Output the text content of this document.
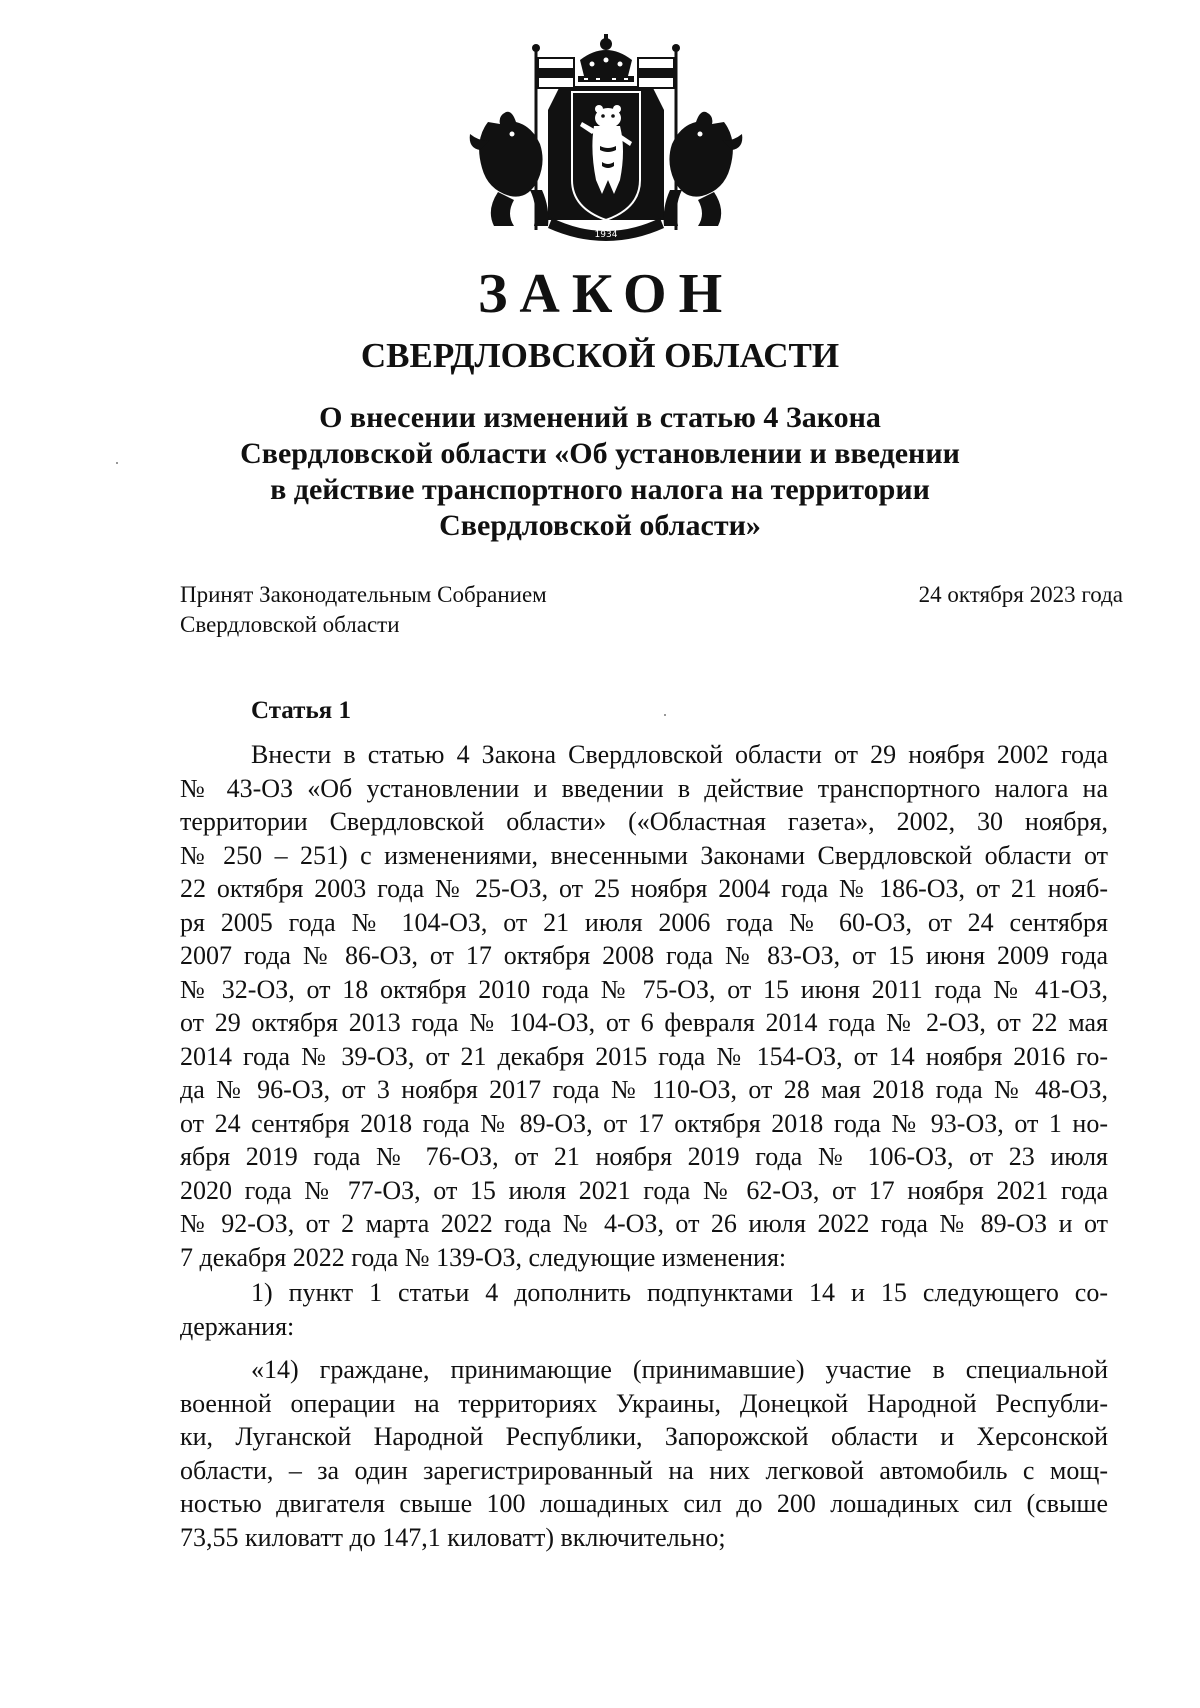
1934
ЗАКОН
СВЕРДЛОВСКОЙ ОБЛАСТИ
О внесении изменений в статью 4 Закона
Свердловской области «Об установлении и введении
в действие транспортного налога на территории
Свердловской области»
Принят Законодательным Собранием
Свердловской области
24 октября 2023 года
Статья 1
Внести в статью 4 Закона Свердловской области от 29 ноября 2002 года
№ 43-ОЗ «Об установлении и введении в действие транспортного налога на
территории Свердловской области» («Областная газета», 2002, 30 ноября,
№ 250 – 251) с изменениями, внесенными Законами Свердловской области от
22 октября 2003 года № 25-ОЗ, от 25 ноября 2004 года № 186-ОЗ, от 21 нояб-
ря 2005 года № 104-ОЗ, от 21 июля 2006 года № 60-ОЗ, от 24 сентября
2007 года № 86-ОЗ, от 17 октября 2008 года № 83-ОЗ, от 15 июня 2009 года
№ 32-ОЗ, от 18 октября 2010 года № 75-ОЗ, от 15 июня 2011 года № 41-ОЗ,
от 29 октября 2013 года № 104-ОЗ, от 6 февраля 2014 года № 2-ОЗ, от 22 мая
2014 года № 39-ОЗ, от 21 декабря 2015 года № 154-ОЗ, от 14 ноября 2016 го-
да № 96-ОЗ, от 3 ноября 2017 года № 110-ОЗ, от 28 мая 2018 года № 48-ОЗ,
от 24 сентября 2018 года № 89-ОЗ, от 17 октября 2018 года № 93-ОЗ, от 1 но-
ября 2019 года № 76-ОЗ, от 21 ноября 2019 года № 106-ОЗ, от 23 июля
2020 года № 77-ОЗ, от 15 июля 2021 года № 62-ОЗ, от 17 ноября 2021 года
№ 92-ОЗ, от 2 марта 2022 года № 4-ОЗ, от 26 июля 2022 года № 89-ОЗ и от
7 декабря 2022 года № 139-ОЗ, следующие изменения:
1) пункт 1 статьи 4 дополнить подпунктами 14 и 15 следующего со-
держания:
«14) граждане, принимающие (принимавшие) участие в специальной
военной операции на территориях Украины, Донецкой Народной Республи-
ки, Луганской Народной Республики, Запорожской области и Херсонской
области, – за один зарегистрированный на них легковой автомобиль с мощ-
ностью двигателя свыше 100 лошадиных сил до 200 лошадиных сил (свыше
73,55 киловатт до 147,1 киловатт) включительно;
